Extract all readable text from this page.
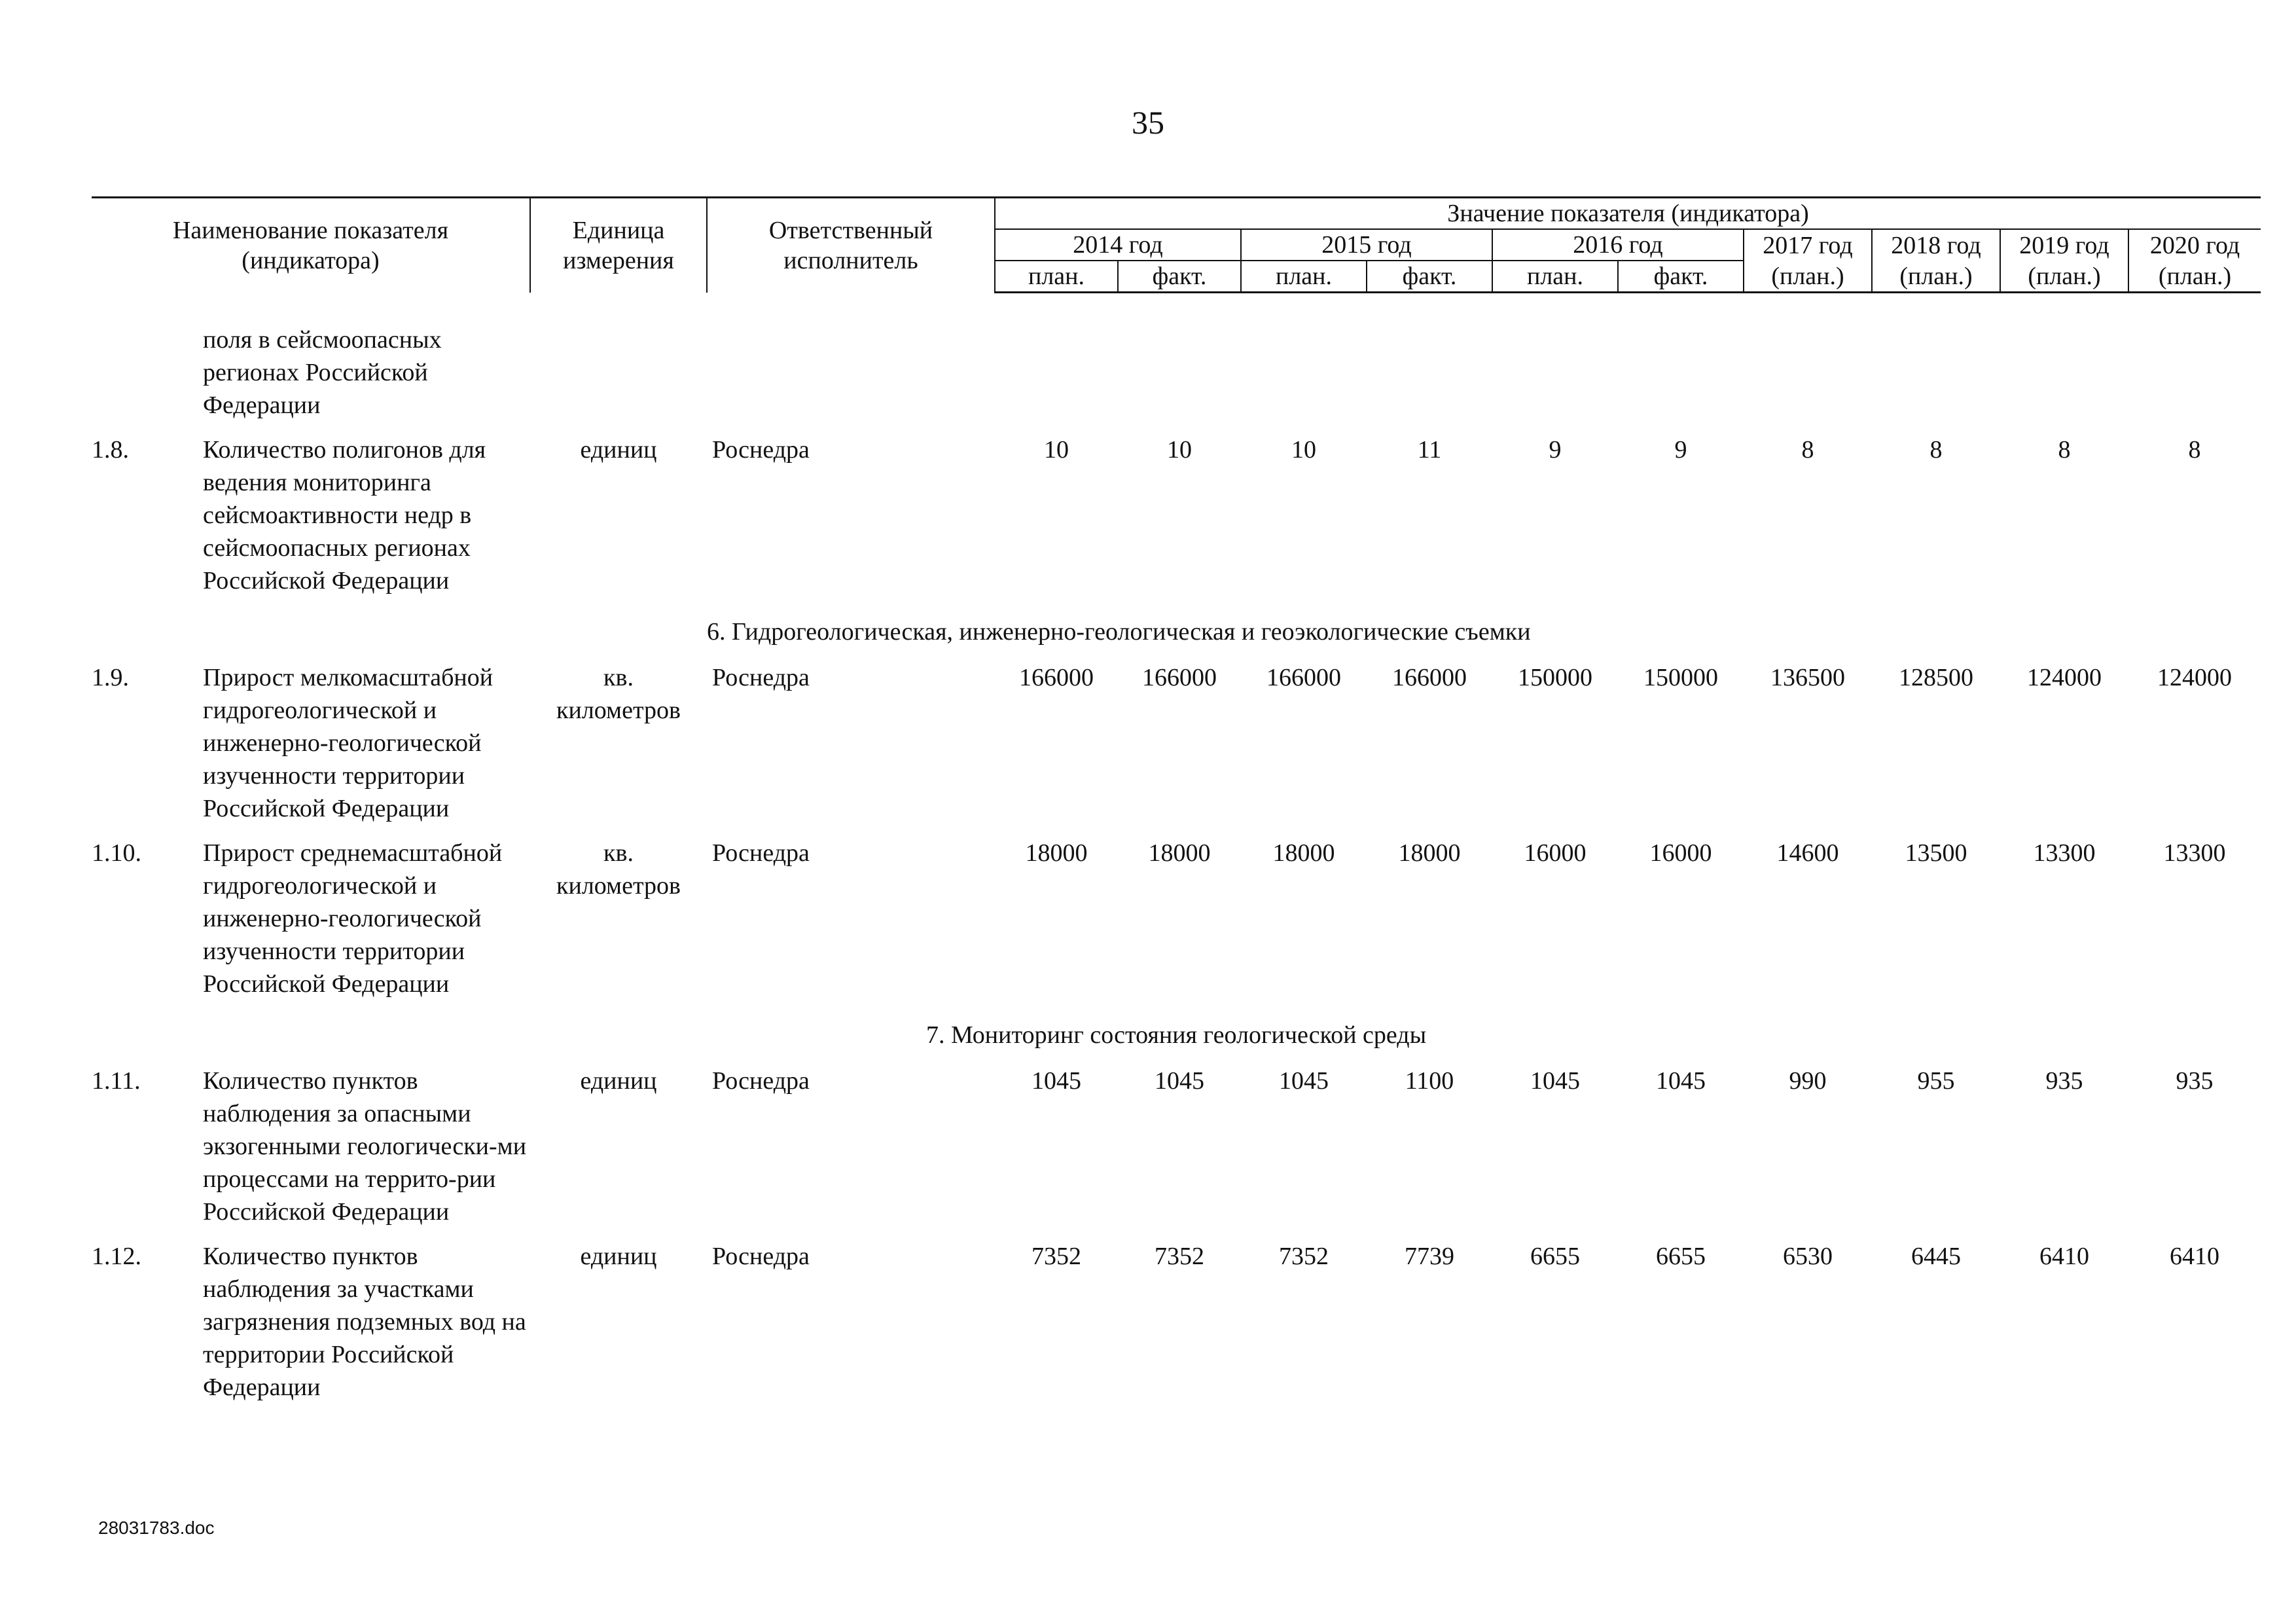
35
Наименование показателя (индикатора)		Единица измерения	Ответственный исполнитель	Значение показателя (индикатора)									
				2014 год		2015 год		2016 год		2017 год	2018 год	2019 год	2020 год
				план.	факт.	план.	факт.	план.	факт.	(план.)	(план.)	(план.)	(план.)

	поля в сейсмоопасных регионах Российской Федерации												
1.8.	Количество полигонов для ведения мониторинга сейсмоактивности недр в сейсмоопасных регионах Российской Федерации	единиц	Роснедра	10	10	10	11	9	9	8	8	8	8
			6. Гидрогеологическая, инженерно-геологическая и геоэкологические съемки										
1.9.	Прирост мелкомасштабной гидрогеологической и инженерно-геологической изученности территории Российской Федерации	кв. километров	Роснедра	166000	166000	166000	166000	150000	150000	136500	128500	124000	124000
1.10.	Прирост среднемасштабной гидрогеологической и инженерно-геологической изученности территории Российской Федерации	кв. километров	Роснедра	18000	18000	18000	18000	16000	16000	14600	13500	13300	13300
7. Мониторинг состояния геологической среды													
1.11.	Количество пунктов наблюдения за опасными экзогенными геологически-ми процессами на террито-рии Российской Федерации	единиц	Роснедра	1045	1045	1045	1100	1045	1045	990	955	935	935
1.12.	Количество пунктов наблюдения за участками загрязнения подземных вод на территории Российской Федерации	единиц	Роснедра	7352	7352	7352	7739	6655	6655	6530	6445	6410	6410
28031783.doc
